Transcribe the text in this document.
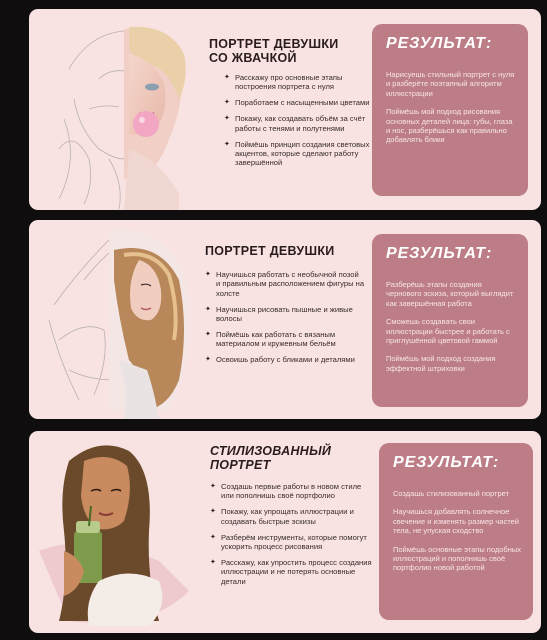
ПОРТРЕТ ДЕВУШКИ
СО ЖВАЧКОЙ
✦ Расскажу про основные этапы построения портрета с нуля
✦ Поработаем с насыщенными цветами
✦ Покажу, как создавать объём за счёт работы с тенями и полутенями
✦ Поймёшь принцип создания световых акцентов, которые сделают работу завершённой
РЕЗУЛЬТАТ:

Нарисуешь стильный портрет с нуля и разберёте поэтапный алгоритм иллюстрации

Поймёшь мой подход рисования основных деталей лица: губы, глаза и нос, разберёшься как правильно добавлять блики

ПОРТРЕТ ДЕВУШКИ
✦ Научишься работать с необычной позой и правильным расположением фигуры на холсте
✦ Научишься рисовать пышные и живые волосы
✦ Поймёшь как работать с вязаным материалом и кружевным бельём
✦ Освоишь работу с бликами и деталями
РЕЗУЛЬТАТ:

Разберёшь этапы создания чернового эскиза, который выглядит как завершённая работа

Сможешь создавать свои иллюстрации быстрее и работать с приглушённой цветовой гаммой

Поймёшь мой подход создания эффектной штриховки

СТИЛИЗОВАННЫЙ
ПОРТРЕТ
✦ Создашь первые работы в новом стиле или пополнишь своё портфолио
✦ Покажу, как упрощать иллюстрации и создавать быстрые эскизы
✦ Разберём инструменты, которые помогут ускорить процесс рисования
✦ Расскажу, как упростить процесс создания иллюстрации и не потерять основные детали
РЕЗУЛЬТАТ:

Создашь стилизованный портрет

Научишься добавлять солнечное свечение и изменять размер частей тела, не упуская сходство

Поймёшь основные этапы подобных иллюстраций и пополнишь своё портфолио новой работой
